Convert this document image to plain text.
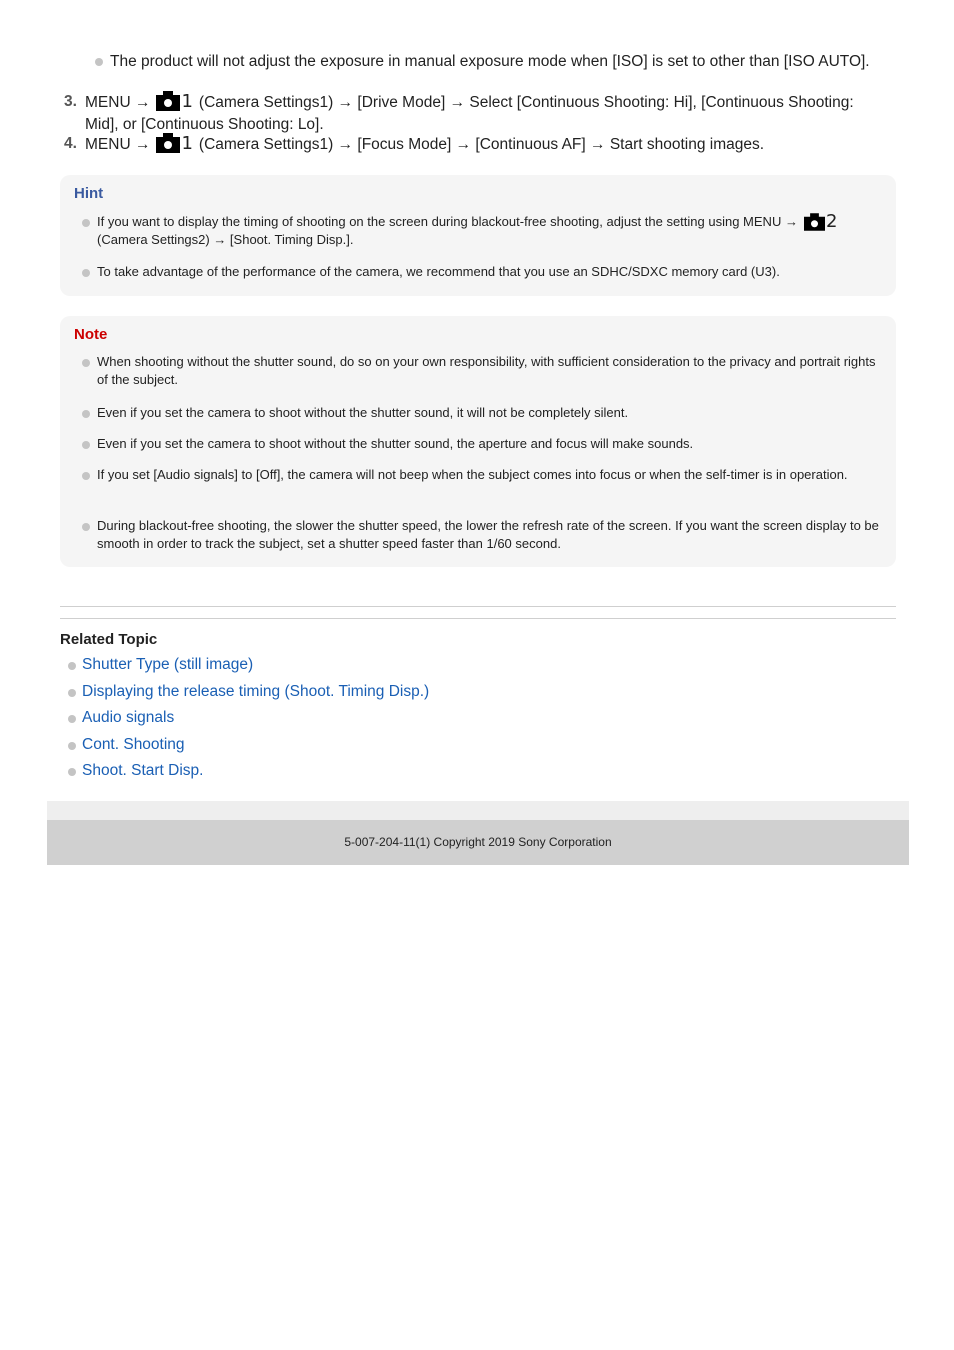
The product will not adjust the exposure in manual exposure mode when [ISO] is set to other than [ISO AUTO].
3. MENU → 1 (Camera Settings1) → [Drive Mode] → Select [Continuous Shooting: Hi], [Continuous Shooting: Mid], or [Continuous Shooting: Lo].
4. MENU → 1 (Camera Settings1) → [Focus Mode] → [Continuous AF] → Start shooting images.
Hint
If you want to display the timing of shooting on the screen during blackout-free shooting, adjust the setting using MENU → 2

(Camera Settings2) → [Shoot. Timing Disp.].
To take advantage of the performance of the camera, we recommend that you use an SDHC/SDXC memory card (U3).
Note
When shooting without the shutter sound, do so on your own responsibility, with sufficient consideration to the privacy and portrait rights of the subject.
Even if you set the camera to shoot without the shutter sound, it will not be completely silent.
Even if you set the camera to shoot without the shutter sound, the aperture and focus will make sounds.
If you set [Audio signals] to [Off], the camera will not beep when the subject comes into focus or when the self-timer is in operation.
During blackout-free shooting, the slower the shutter speed, the lower the refresh rate of the screen. If you want the screen display to be smooth in order to track the subject, set a shutter speed faster than 1/60 second.
Related Topic
Shutter Type (still image)
Displaying the release timing (Shoot. Timing Disp.)
Audio signals
Cont. Shooting
Shoot. Start Disp.
5-007-204-11(1) Copyright 2019 Sony Corporation
